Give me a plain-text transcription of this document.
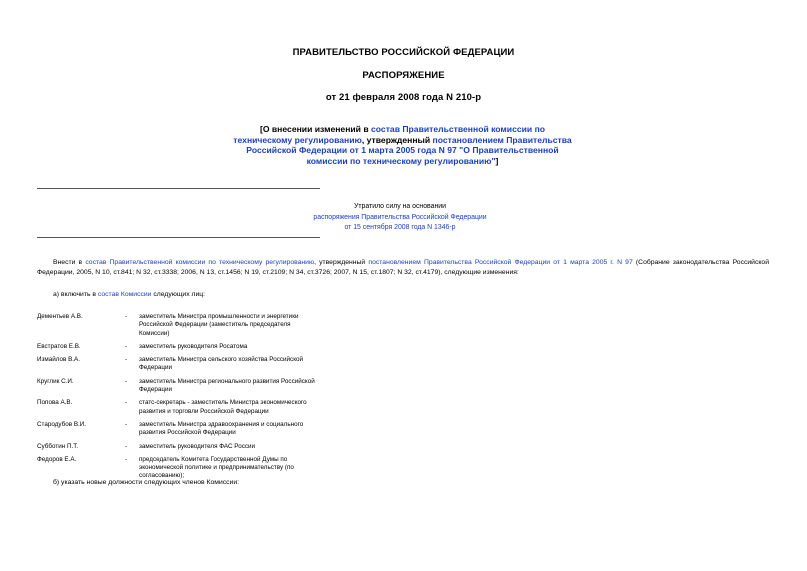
ПРАВИТЕЛЬСТВО РОССИЙСКОЙ ФЕДЕРАЦИИ
РАСПОРЯЖЕНИЕ
от 21 февраля 2008 года N 210-р
[О внесении изменений в состав Правительственной комиссии по техническому регулированию, утвержденный постановлением Правительства Российской Федерации от 1 марта 2005 года N 97 "О Правительственной комиссии по техническому регулированию"]
Утратило силу на основании
распоряжения Правительства Российской Федерации
от 15 сентября 2008 года N 1346-р
Внести в состав Правительственной комиссии по техническому регулированию, утвержденный постановлением Правительства Российской Федерации от 1 марта 2005 г. N 97 (Собрание законодательства Российской Федерации, 2005, N 10, ст.841; N 32, ст.3338; 2006, N 13, ст.1456; N 19, ст.2109; N 34, ст.3726; 2007, N 15, ст.1807; N 32, ст.4179), следующие изменения:
а) включить в состав Комиссии следующих лиц:
Дементьев А.В.	-	заместитель Министра промышленности и энергетики Российской Федерации (заместитель председателя Комиссии)
Евстратов Е.В.	-	заместитель руководителя Росатома
Измайлов В.А.	-	заместитель Министра сельского хозяйства Российской Федерации
Круглик С.И.	-	заместитель Министра регионального развития Российской Федерации
Попова А.В.	-	статс-секретарь - заместитель Министра экономического развития и торговли Российской Федерации
Стародубов В.И.	-	заместитель Министра здравоохранения и социального развития Российской Федерации
Субботин П.Т.	-	заместитель руководителя ФАС России
Федоров Е.А.	-	председатель Комитета Государственной Думы по экономической политике и предпринимательству (по согласованию);
б) указать новые должности следующих членов Комиссии:
